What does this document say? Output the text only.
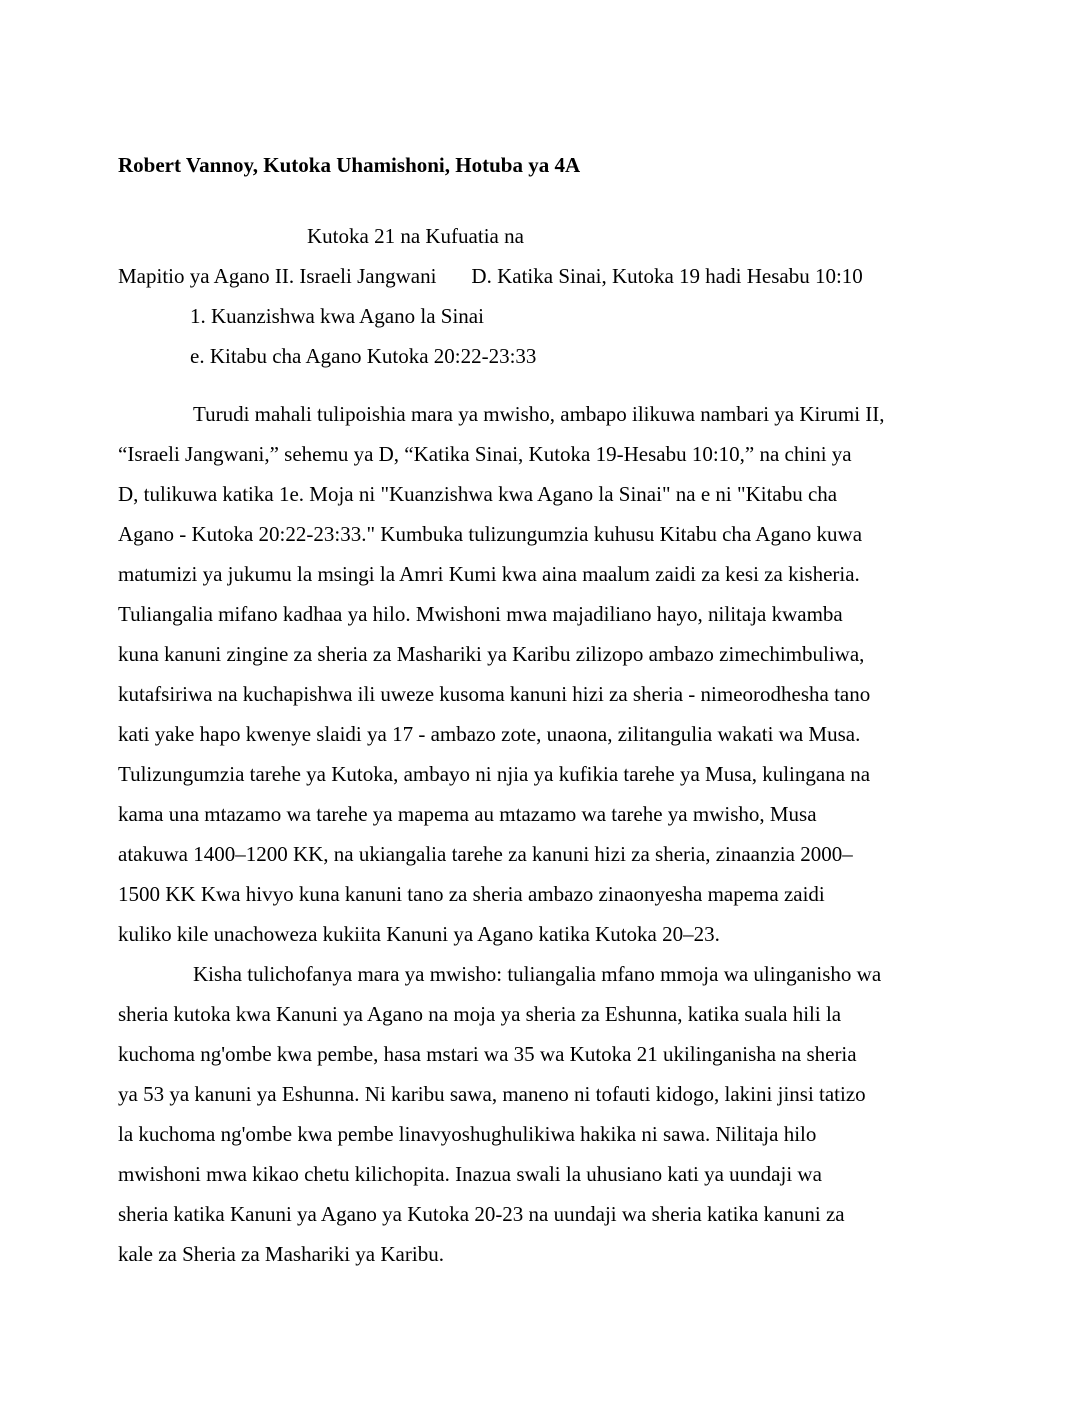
Robert Vannoy, Kutoka Uhamishoni, Hotuba ya 4A
Kutoka 21 na Kufuatia na
Mapitio ya Agano II. Israeli Jangwani D. Katika Sinai, Kutoka 19 hadi Hesabu 10:10
1. Kuanzishwa kwa Agano la Sinai
e. Kitabu cha Agano Kutoka 20:22-23:33
Turudi mahali tulipoishia mara ya mwisho, ambapo ilikuwa nambari ya Kirumi II,
“Israeli Jangwani,” sehemu ya D, “Katika Sinai, Kutoka 19-Hesabu 10:10,” na chini ya
D, tulikuwa katika 1e. Moja ni "Kuanzishwa kwa Agano la Sinai" na e ni "Kitabu cha
Agano - Kutoka 20:22-23:33." Kumbuka tulizungumzia kuhusu Kitabu cha Agano kuwa
matumizi ya jukumu la msingi la Amri Kumi kwa aina maalum zaidi za kesi za kisheria.
Tuliangalia mifano kadhaa ya hilo. Mwishoni mwa majadiliano hayo, nilitaja kwamba
kuna kanuni zingine za sheria za Mashariki ya Karibu zilizopo ambazo zimechimbuliwa,
kutafsiriwa na kuchapishwa ili uweze kusoma kanuni hizi za sheria - nimeorodhesha tano
kati yake hapo kwenye slaidi ya 17 - ambazo zote, unaona, zilitangulia wakati wa Musa.
Tulizungumzia tarehe ya Kutoka, ambayo ni njia ya kufikia tarehe ya Musa, kulingana na
kama una mtazamo wa tarehe ya mapema au mtazamo wa tarehe ya mwisho, Musa
atakuwa 1400–1200 KK, na ukiangalia tarehe za kanuni hizi za sheria, zinaanzia 2000–
1500 KK Kwa hivyo kuna kanuni tano za sheria ambazo zinaonyesha mapema zaidi
kuliko kile unachoweza kukiita Kanuni ya Agano katika Kutoka 20–23.
Kisha tulichofanya mara ya mwisho: tuliangalia mfano mmoja wa ulinganisho wa
sheria kutoka kwa Kanuni ya Agano na moja ya sheria za Eshunna, katika suala hili la
kuchoma ng'ombe kwa pembe, hasa mstari wa 35 wa Kutoka 21 ukilinganisha na sheria
ya 53 ya kanuni ya Eshunna. Ni karibu sawa, maneno ni tofauti kidogo, lakini jinsi tatizo
la kuchoma ng'ombe kwa pembe linavyoshughulikiwa hakika ni sawa. Nilitaja hilo
mwishoni mwa kikao chetu kilichopita. Inazua swali la uhusiano kati ya uundaji wa
sheria katika Kanuni ya Agano ya Kutoka 20-23 na uundaji wa sheria katika kanuni za
kale za Sheria za Mashariki ya Karibu.
